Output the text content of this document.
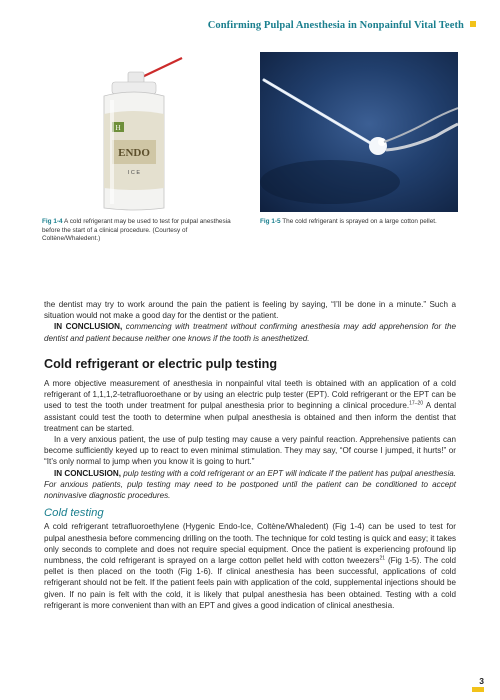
Confirming Pulpal Anesthesia in Nonpainful Vital Teeth
H
ENDO
I C E
Fig 1-4 A cold refrigerant may be used to test for pulpal anesthesia before the start of a clinical procedure. (Courtesy of Coltène/Whaledent.)
Fig 1-5 The cold refrigerant is sprayed on a large cotton pellet.

the dentist may try to work around the pain the patient is feeling by saying, “I’ll be done in a minute.” Such a situation would not make a good day for the dentist or the patient.

IN CONCLUSION, commencing with treatment without confirming anesthesia may add apprehension for the dentist and patient because neither one knows if the tooth is anesthetized.

Cold refrigerant or electric pulp testing

A more objective measurement of anesthesia in nonpainful vital teeth is obtained with an application of a cold refrigerant of 1,1,1,2-tetrafluoroethane or by using an electric pulp tester (EPT). Cold refrigerant or the EPT can be used to test the tooth under treatment for pulpal anesthesia prior to beginning a clinical procedure.$^{17-20}$ A dental assistant could test the tooth to determine when pulpal anesthesia is obtained and then inform the dentist that treatment can be started.

In a very anxious patient, the use of pulp testing may cause a very painful reaction. Apprehensive patients can become sufficiently keyed up to react to even minimal stimulation. They may say, “Of course I jumped, it hurts!” or “It’s only normal to jump when you know it is going to hurt.”

IN CONCLUSION, pulp testing with a cold refrigerant or an EPT will indicate if the patient has pulpal anesthesia. For anxious patients, pulp testing may need to be postponed until the patient can be conditioned to accept noninvasive diagnostic procedures.

Cold testing

A cold refrigerant tetrafluoroethylene (Hygenic Endo-Ice, Coltène/Whaledent) (Fig 1-4) can be used to test for pulpal anesthesia before commencing drilling on the tooth. The technique for cold testing is quick and easy; it takes only seconds to complete and does not require special equipment. Once the patient is experiencing profound lip numbness, the cold refrigerant is sprayed on a large cotton pellet held with cotton tweezers$^{21}$ (Fig 1-5). The cold pellet is then placed on the tooth (Fig 1-6). If clinical anesthesia has been successful, applications of cold refrigerant should not be felt. If the patient feels pain with application of the cold, supplemental injections should be given. If no pain is felt with the cold, it is likely that pulpal anesthesia has been obtained. Testing with a cold refrigerant is more convenient than with an EPT and gives a good indication of clinical anesthesia.

3
